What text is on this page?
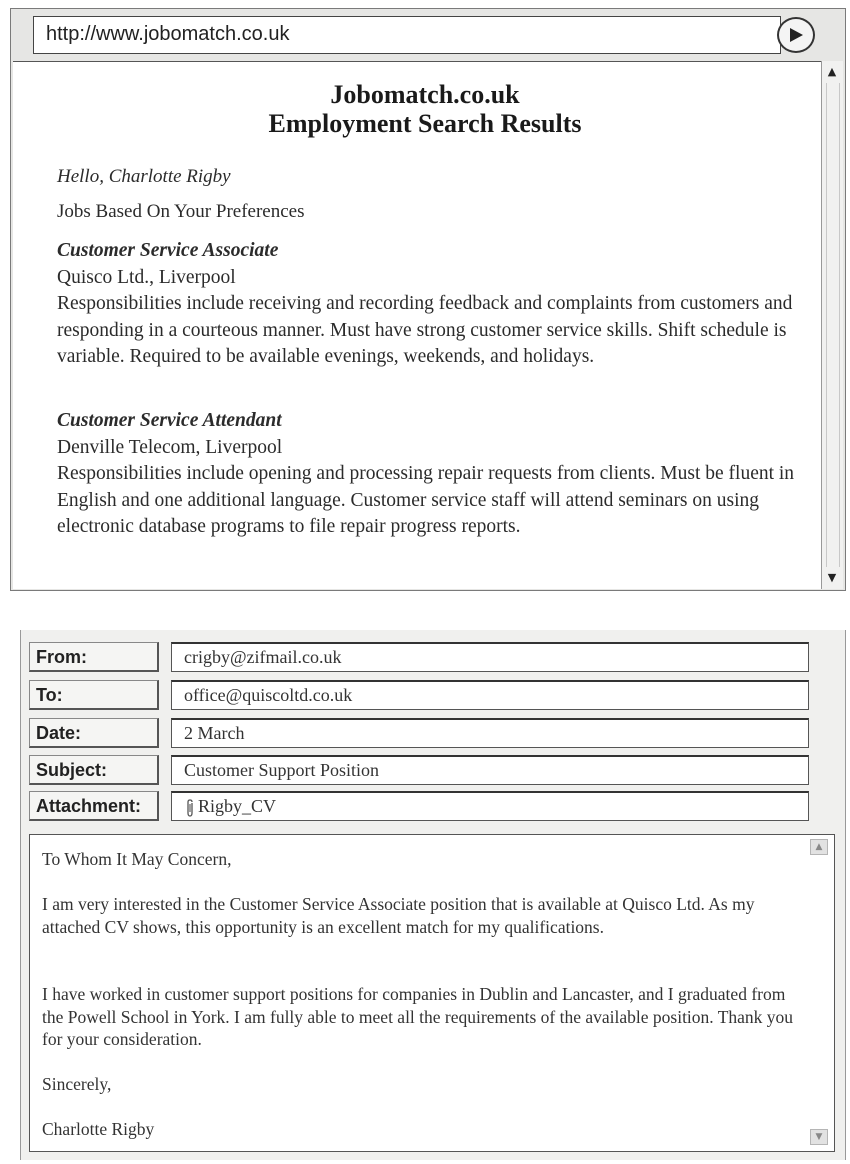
http://www.jobomatch.co.uk
▲
▼
Jobomatch.co.uk
Employment Search Results
Hello, Charlotte Rigby
Jobs Based On Your Preferences
Customer Service Associate
Quisco Ltd., Liverpool
Responsibilities include receiving and recording feedback and complaints from customers and responding in a courteous manner. Must have strong customer service skills. Shift schedule is variable. Required to be available evenings, weekends, and holidays.
Customer Service Attendant
Denville Telecom, Liverpool
Responsibilities include opening and processing repair requests from clients. Must be fluent in English and one additional language. Customer service staff will attend seminars on using electronic database programs to file repair progress reports.
From:	crigby@zifmail.co.uk
To:	office@quiscoltd.co.uk
Date:	2 March
Subject:	Customer Support Position
Attachment:	Rigby_CV
To Whom It May Concern,
I am very interested in the Customer Service Associate position that is available at Quisco Ltd. As my attached CV shows, this opportunity is an excellent match for my qualifications.
I have worked in customer support positions for companies in Dublin and Lancaster, and I graduated from the Powell School in York. I am fully able to meet all the requirements of the available position. Thank you for your consideration.
Sincerely,
Charlotte Rigby
▲
▼
